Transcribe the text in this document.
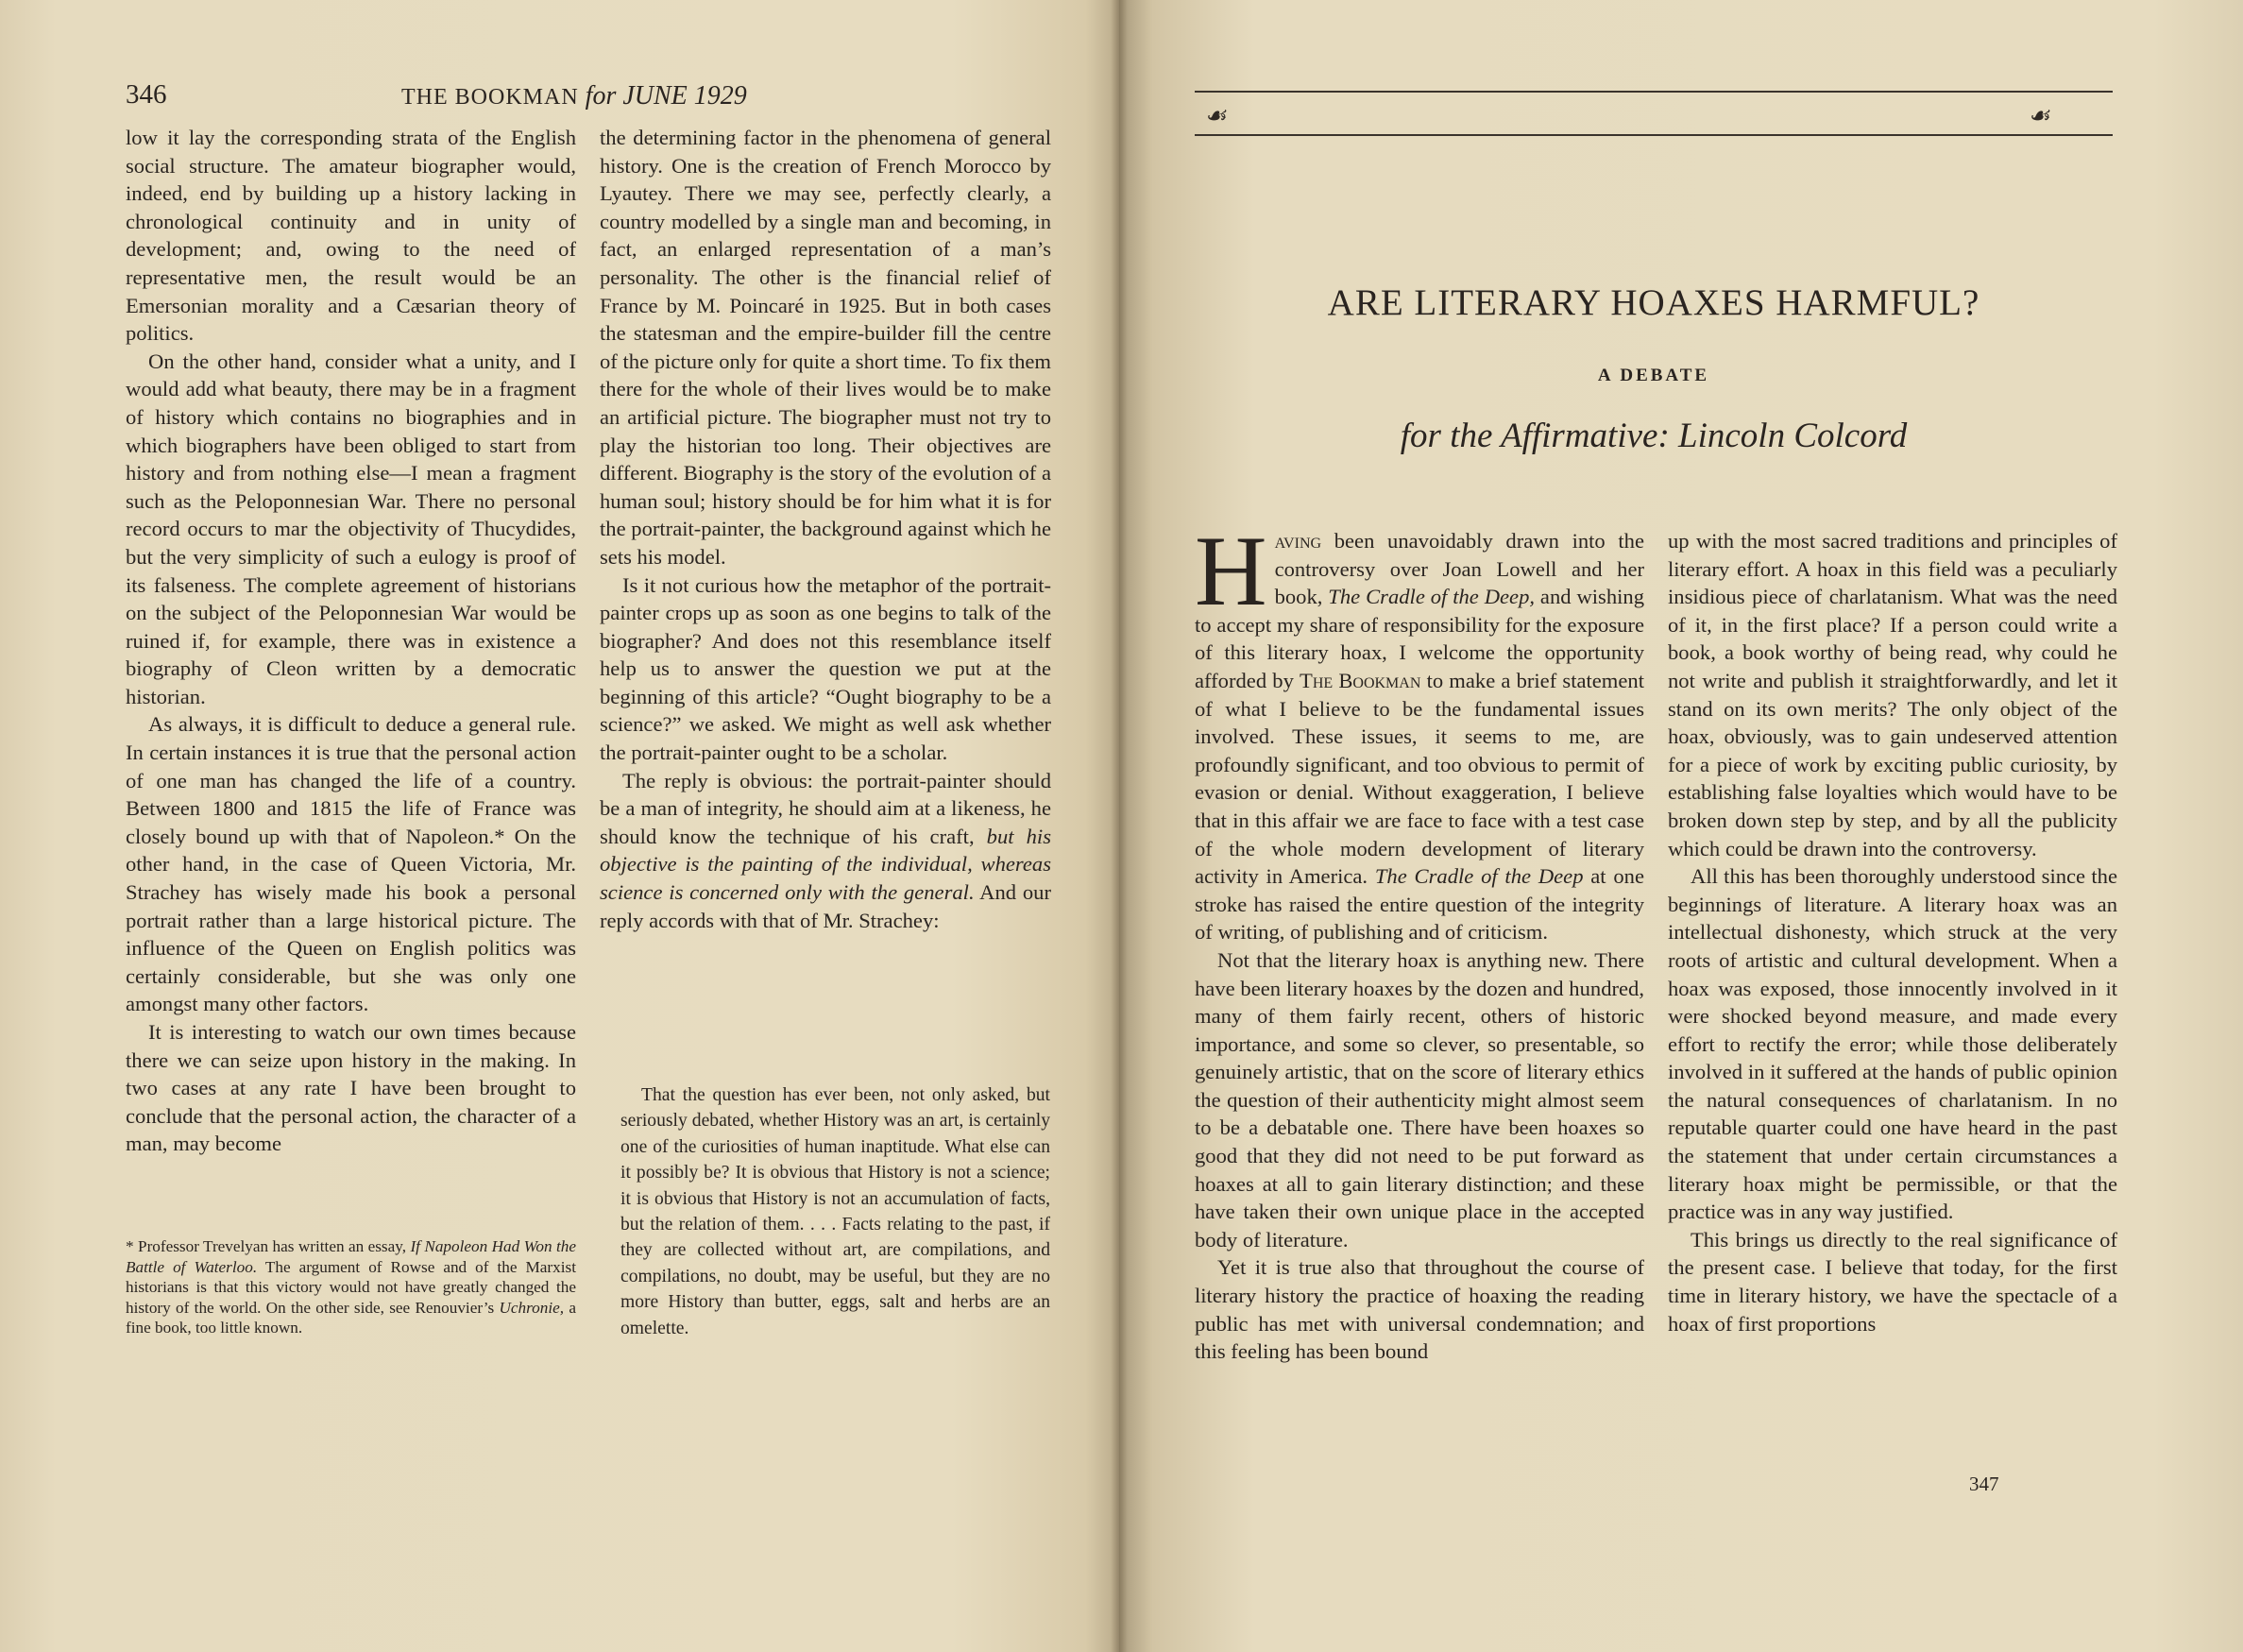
346	THE BOOKMAN for JUNE 1929

low it lay the corresponding strata of the English social structure. The amateur biographer would, indeed, end by building up a history lacking in chronological continuity and in unity of development; and, owing to the need of representative men, the result would be an Emersonian morality and a Cæsarian theory of politics.

On the other hand, consider what a unity, and I would add what beauty, there may be in a fragment of history which contains no biographies and in which biographers have been obliged to start from history and from nothing else—I mean a fragment such as the Peloponnesian War. There no personal record occurs to mar the objectivity of Thucydides, but the very simplicity of such a eulogy is proof of its falseness. The complete agreement of historians on the subject of the Peloponnesian War would be ruined if, for example, there was in existence a biography of Cleon written by a democratic historian.

As always, it is difficult to deduce a general rule. In certain instances it is true that the personal action of one man has changed the life of a country. Between 1800 and 1815 the life of France was closely bound up with that of Napoleon.* On the other hand, in the case of Queen Victoria, Mr. Strachey has wisely made his book a personal portrait rather than a large historical picture. The influence of the Queen on English politics was certainly considerable, but she was only one amongst many other factors.

It is interesting to watch our own times because there we can seize upon history in the making. In two cases at any rate I have been brought to conclude that the personal action, the character of a man, may become

* Professor Trevelyan has written an essay, If Napoleon Had Won the Battle of Waterloo. The argument of Rowse and of the Marxist historians is that this victory would not have greatly changed the history of the world. On the other side, see Renouvier’s Uchronie, a fine book, too little known.

the determining factor in the phenomena of general history. One is the creation of French Morocco by Lyautey. There we may see, perfectly clearly, a country modelled by a single man and becoming, in fact, an enlarged representation of a man’s personality. The other is the financial relief of France by M. Poincaré in 1925. But in both cases the statesman and the empire-builder fill the centre of the picture only for quite a short time. To fix them there for the whole of their lives would be to make an artificial picture. The biographer must not try to play the historian too long. Their objectives are different. Biography is the story of the evolution of a human soul; history should be for him what it is for the portrait-painter, the background against which he sets his model.

Is it not curious how the metaphor of the portrait-painter crops up as soon as one begins to talk of the biographer? And does not this resemblance itself help us to answer the question we put at the beginning of this article? “Ought biography to be a science?” we asked. We might as well ask whether the portrait-painter ought to be a scholar.

The reply is obvious: the portrait-painter should be a man of integrity, he should aim at a likeness, he should know the technique of his craft, but his objective is the painting of the individual, whereas science is concerned only with the general. And our reply accords with that of Mr. Strachey:

That the question has ever been, not only asked, but seriously debated, whether History was an art, is certainly one of the curiosities of human inaptitude. What else can it possibly be? It is obvious that History is not a science; it is obvious that History is not an accumulation of facts, but the relation of them. . . . Facts relating to the past, if they are collected without art, are compilations, and compilations, no doubt, may be useful, but they are no more History than butter, eggs, salt and herbs are an omelette.

☙	☙
ARE LITERARY HOAXES HARMFUL?
A DEBATE
for the Affirmative: Lincoln Colcord

Having been unavoidably drawn into the controversy over Joan Lowell and her book, The Cradle of the Deep, and wishing to accept my share of responsibility for the exposure of this literary hoax, I welcome the opportunity afforded by The Bookman to make a brief statement of what I believe to be the fundamental issues involved. These issues, it seems to me, are profoundly significant, and too obvious to permit of evasion or denial. Without exaggeration, I believe that in this affair we are face to face with a test case of the whole modern development of literary activity in America. The Cradle of the Deep at one stroke has raised the entire question of the integrity of writing, of publishing and of criticism.

Not that the literary hoax is anything new. There have been literary hoaxes by the dozen and hundred, many of them fairly recent, others of historic importance, and some so clever, so presentable, so genuinely artistic, that on the score of literary ethics the question of their authenticity might almost seem to be a debatable one. There have been hoaxes so good that they did not need to be put forward as hoaxes at all to gain literary distinction; and these have taken their own unique place in the accepted body of literature.

Yet it is true also that throughout the course of literary history the practice of hoaxing the reading public has met with universal condemnation; and this feeling has been bound

up with the most sacred traditions and principles of literary effort. A hoax in this field was a peculiarly insidious piece of charlatanism. What was the need of it, in the first place? If a person could write a book, a book worthy of being read, why could he not write and publish it straightforwardly, and let it stand on its own merits? The only object of the hoax, obviously, was to gain undeserved attention for a piece of work by exciting public curiosity, by establishing false loyalties which would have to be broken down step by step, and by all the publicity which could be drawn into the controversy.

All this has been thoroughly understood since the beginnings of literature. A literary hoax was an intellectual dishonesty, which struck at the very roots of artistic and cultural development. When a hoax was exposed, those innocently involved in it were shocked beyond measure, and made every effort to rectify the error; while those deliberately involved in it suffered at the hands of public opinion the natural consequences of charlatanism. In no reputable quarter could one have heard in the past the statement that under certain circumstances a literary hoax might be permissible, or that the practice was in any way justified.

This brings us directly to the real significance of the present case. I believe that today, for the first time in literary history, we have the spectacle of a hoax of first proportions

347
